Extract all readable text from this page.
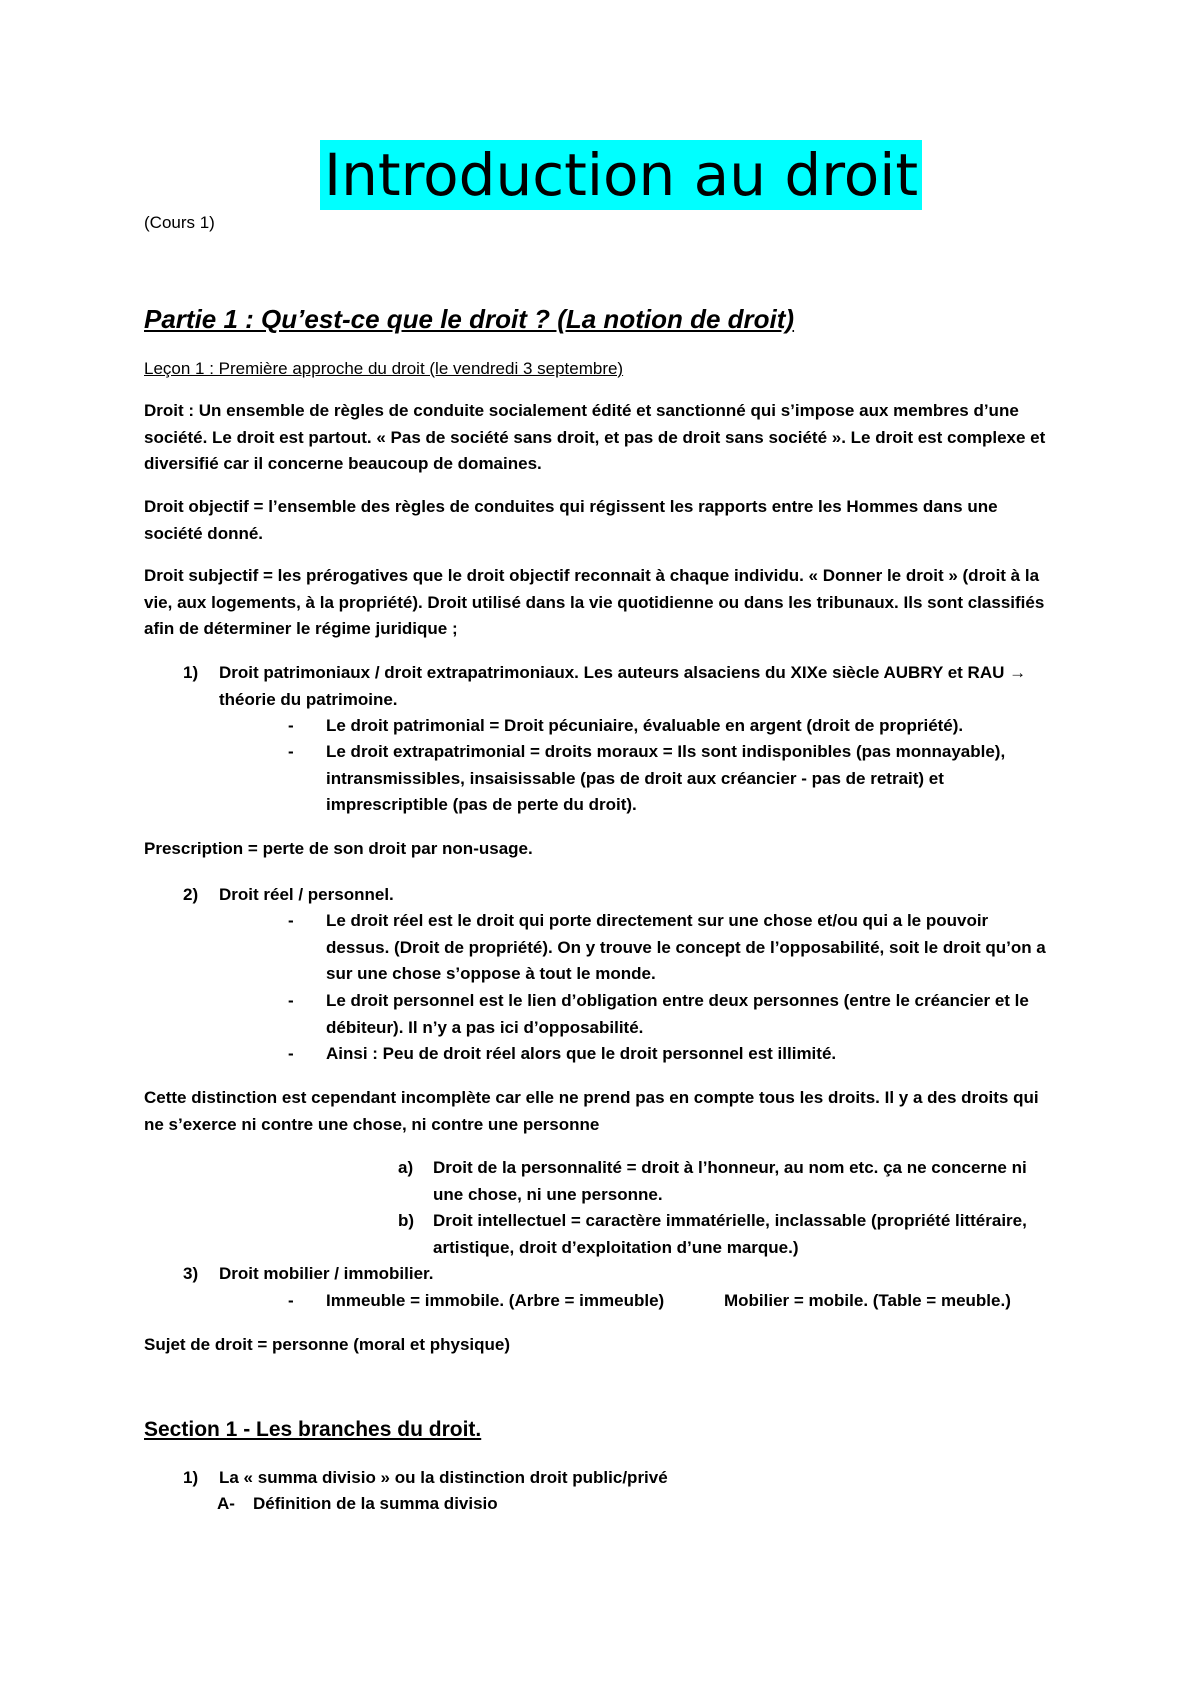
Introduction au droit
(Cours 1)
Partie 1 : Qu’est-ce que le droit ? (La notion de droit)
Leçon 1 : Première approche du droit (le vendredi 3 septembre)
Droit : Un ensemble de règles de conduite socialement édité et sanctionné qui s’impose aux membres d’une
société. Le droit est partout. « Pas de société sans droit, et pas de droit sans société ». Le droit est complexe et
diversifié car il concerne beaucoup de domaines.
Droit objectif = l’ensemble des règles de conduites qui régissent les rapports entre les Hommes dans une
société donné.
Droit subjectif = les prérogatives que le droit objectif reconnait à chaque individu. « Donner le droit » (droit à la
vie, aux logements, à la propriété). Droit utilisé dans la vie quotidienne ou dans les tribunaux. Ils sont classifiés
afin de déterminer le régime juridique ;
1) Droit patrimoniaux / droit extrapatrimoniaux. Les auteurs alsaciens du XIXe siècle AUBRY et RAU →
théorie du patrimoine.
- Le droit patrimonial = Droit pécuniaire, évaluable en argent (droit de propriété).
- Le droit extrapatrimonial = droits moraux = Ils sont indisponibles (pas monnayable),
intransmissibles, insaisissable (pas de droit aux créancier - pas de retrait) et
imprescriptible (pas de perte du droit).
Prescription = perte de son droit par non-usage.
2) Droit réel / personnel.
- Le droit réel est le droit qui porte directement sur une chose et/ou qui a le pouvoir
dessus. (Droit de propriété). On y trouve le concept de l’opposabilité, soit le droit qu’on a
sur une chose s’oppose à tout le monde.
- Le droit personnel est le lien d’obligation entre deux personnes (entre le créancier et le
débiteur). Il n’y a pas ici d’opposabilité.
- Ainsi : Peu de droit réel alors que le droit personnel est illimité.
Cette distinction est cependant incomplète car elle ne prend pas en compte tous les droits. Il y a des droits qui
ne s’exerce ni contre une chose, ni contre une personne
a) Droit de la personnalité = droit à l’honneur, au nom etc. ça ne concerne ni
une chose, ni une personne.
b) Droit intellectuel = caractère immatérielle, inclassable (propriété littéraire,
artistique, droit d’exploitation d’une marque.)
3) Droit mobilier / immobilier.
- Immeuble = immobile. (Arbre = immeuble)	Mobilier = mobile. (Table = meuble.)
Sujet de droit = personne (moral et physique)
Section 1 - Les branches du droit.
1) La « summa divisio » ou la distinction droit public/privé
A- Définition de la summa divisio
